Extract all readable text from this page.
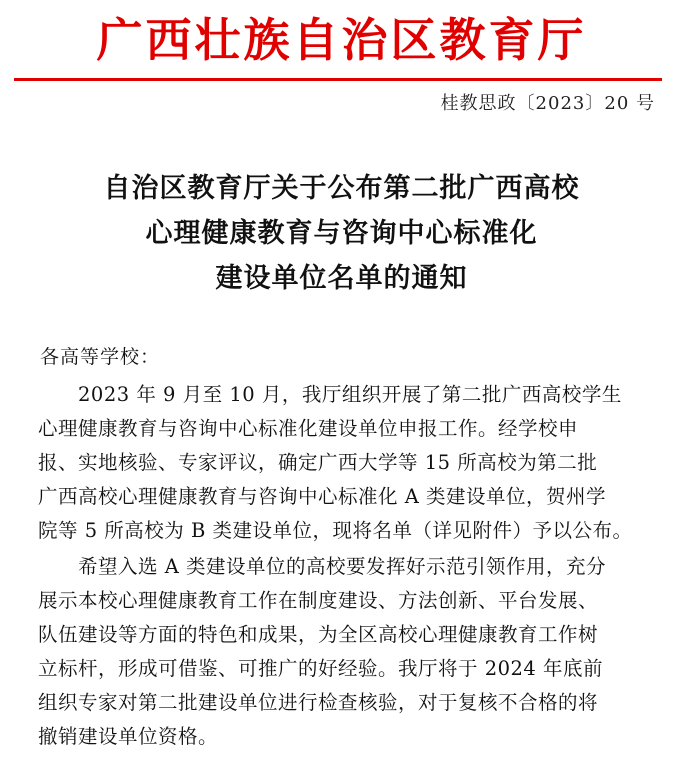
广西壮族自治区教育厅
桂教思政〔2023〕20 号
自治区教育厅关于公布第二批广西高校
心理健康教育与咨询中心标准化
建设单位名单的通知
各高等学校：
2023 年 9 月至 10 月，我厅组织开展了第二批广西高校学生
心理健康教育与咨询中心标准化建设单位申报工作。经学校申
报、实地核验、专家评议，确定广西大学等 15 所高校为第二批
广西高校心理健康教育与咨询中心标准化 A 类建设单位，贺州学
院等 5 所高校为 B 类建设单位，现将名单（详见附件）予以公布。
希望入选 A 类建设单位的高校要发挥好示范引领作用，充分
展示本校心理健康教育工作在制度建设、方法创新、平台发展、
队伍建设等方面的特色和成果，为全区高校心理健康教育工作树
立标杆，形成可借鉴、可推广的好经验。我厅将于 2024 年底前
组织专家对第二批建设单位进行检查核验，对于复核不合格的将
撤销建设单位资格。
